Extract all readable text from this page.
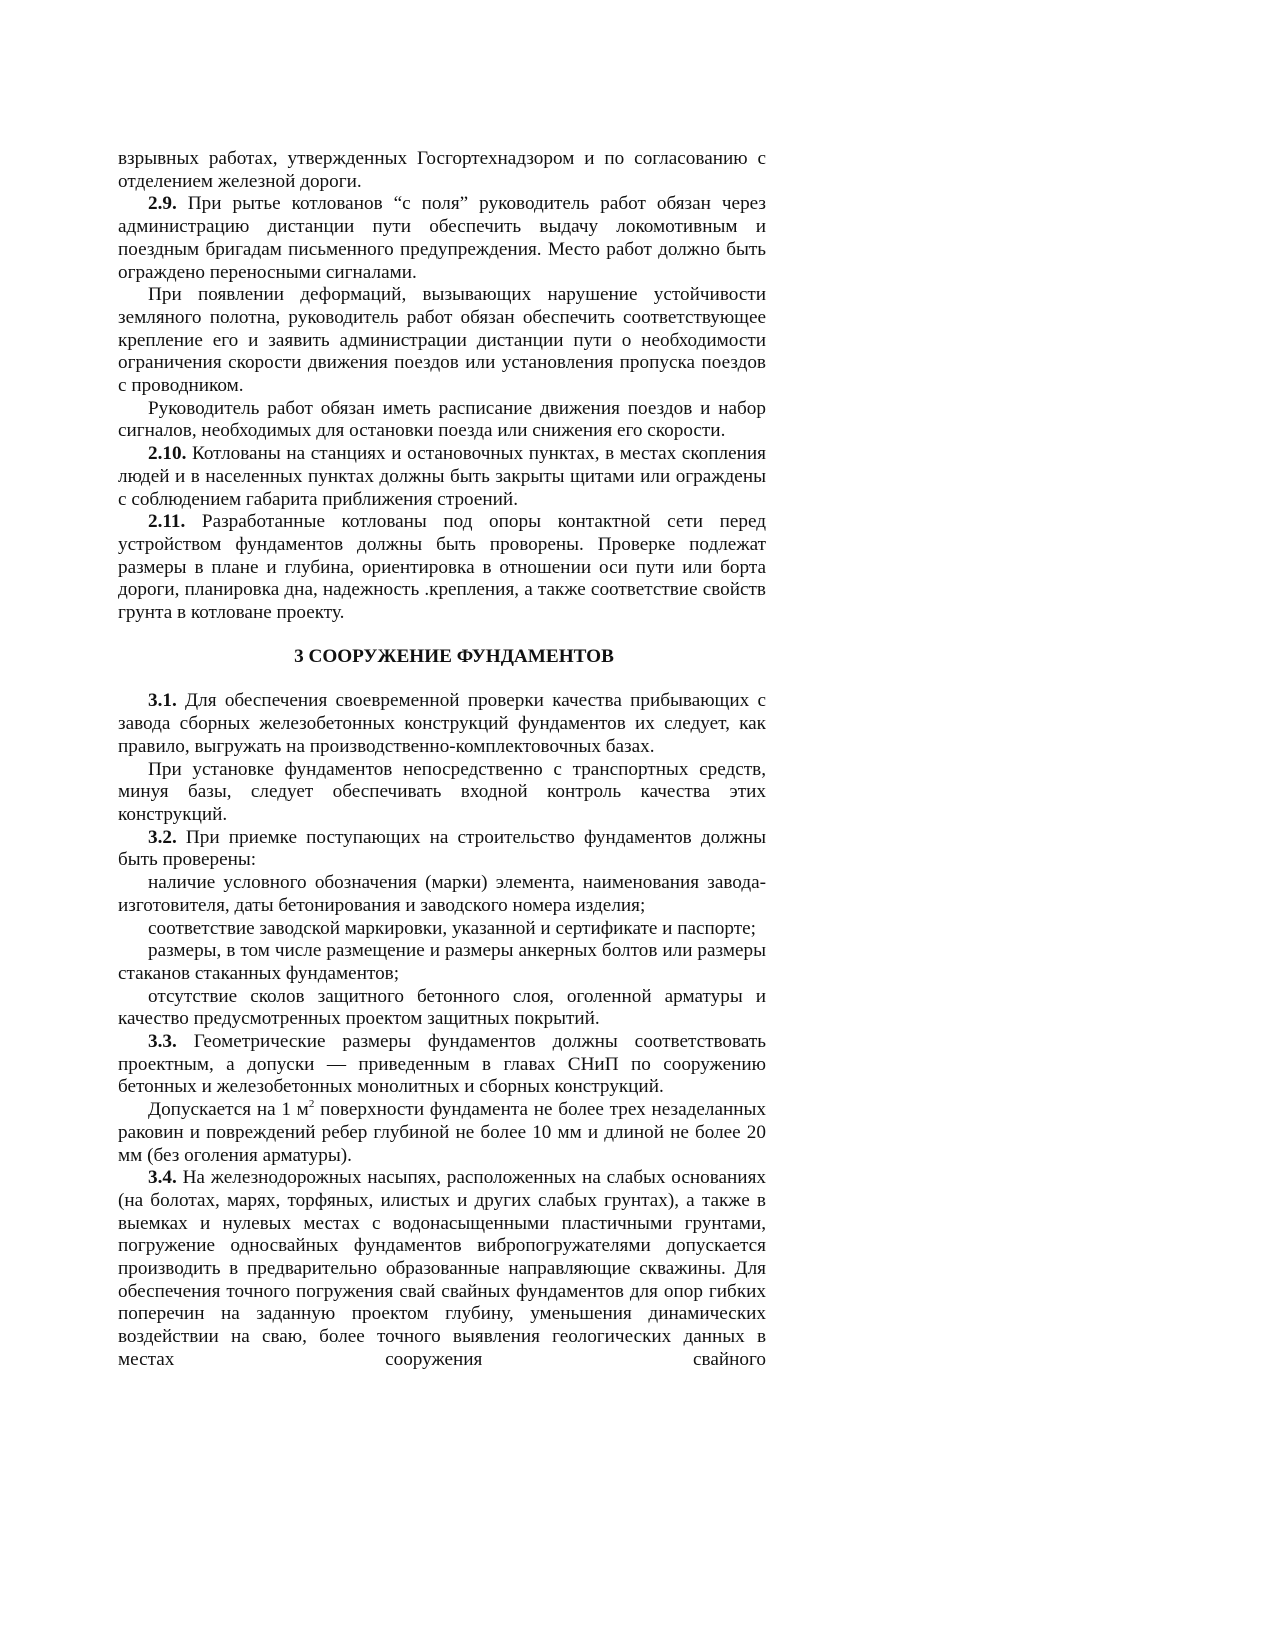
взрывных работах, утвержденных Госгортехнадзором и по согласованию с отделением железной дороги.

2.9. При рытье котлованов “с поля” руководитель работ обязан через администрацию дистанции пути обеспечить выдачу локомотивным и поездным бригадам письменного предупреждения. Место работ должно быть ограждено переносными сигналами.

При появлении деформаций, вызывающих нарушение устойчивости земляного полотна, руководитель работ обязан обеспечить соответствующее крепление его и заявить администрации дистанции пути о необходимости ограничения скорости движения поездов или установления пропуска поездов с проводником.

Руководитель работ обязан иметь расписание движения поездов и набор сигналов, необходимых для остановки поезда или снижения его скорости.

2.10. Котлованы на станциях и остановочных пунктах, в местах скопления людей и в населенных пунктах должны быть закрыты щитами или ограждены с соблюдением габарита приближения строений.

2.11. Разработанные котлованы под опоры контактной сети перед устройством фундаментов должны быть проворены. Проверке подлежат размеры в плане и глубина, ориентировка в отношении оси пути или борта дороги, планировка дна, надежность .крепления, а также соответствие свойств грунта в котловане проекту.

3 СООРУЖЕНИЕ ФУНДАМЕНТОВ

3.1. Для обеспечения своевременной проверки качества прибывающих с завода сборных железобетонных конструкций фундаментов их следует, как правило, выгружать на производственно-комплектовочных базах.

При установке фундаментов непосредственно с транспортных средств, минуя базы, следует обеспечивать входной контроль качества этих конструкций.

3.2. При приемке поступающих на строительство фундаментов должны быть проверены:

наличие условного обозначения (марки) элемента, наименования завода-изготовителя, даты бетонирования и заводского номера изделия;

соответствие заводской маркировки, указанной и сертификате и паспорте;

размеры, в том числе размещение и размеры анкерных болтов или размеры стаканов стаканных фундаментов;

отсутствие сколов защитного бетонного слоя, оголенной арматуры и качество предусмотренных проектом защитных покрытий.

3.3. Геометрические размеры фундаментов должны соответствовать проектным, а допуски — приведенным в главах СНиП по сооружению бетонных и железобетонных монолитных и сборных конструкций.

Допускается на 1 $м^2$ поверхности фундамента не более трех незаделанных раковин и повреждений ребер глубиной не более 10 мм и длиной не более 20 мм (без оголения арматуры).

3.4. На железнодорожных насыпях, расположенных на слабых основаниях (на болотах, марях, торфяных, илистых и других слабых грунтах), а также в выемках и нулевых местах с водонасыщенными пластичными грунтами, погружение односвайных фундаментов вибропогружателями допускается производить в предварительно образованные направляющие скважины. Для обеспечения точного погружения свай свайных фундаментов для опор гибких поперечин на заданную проектом глубину, уменьшения динамических воздействии на сваю, более точного выявления геологических данных в местах сооружения свайного
